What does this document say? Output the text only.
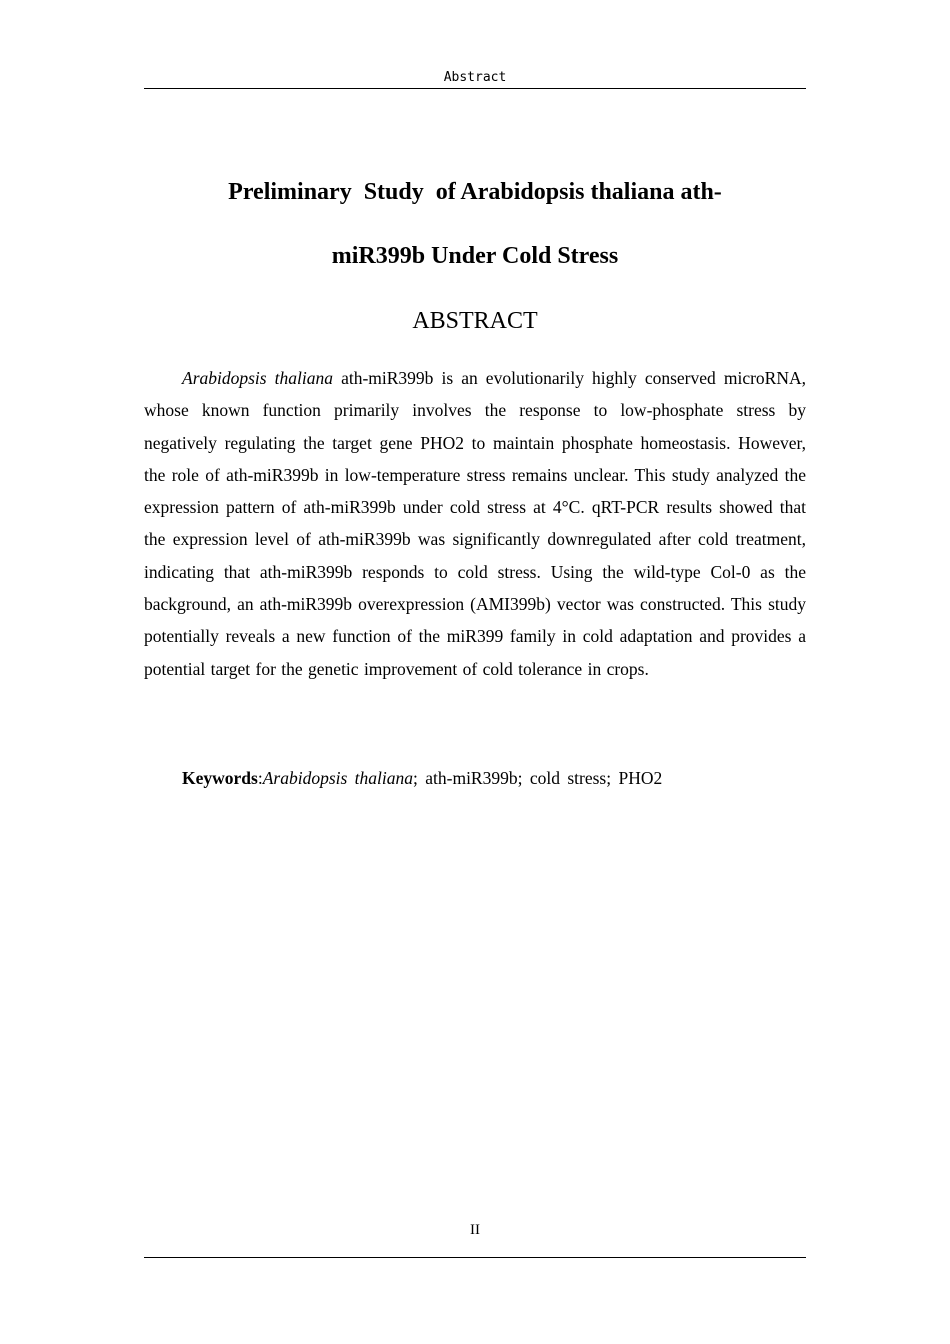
Abstract
Preliminary  Study  of Arabidopsis thaliana ath-
miR399b Under Cold Stress
ABSTRACT

Arabidopsis thaliana ath-miR399b is an evolutionarily highly conserved microRNA, whose known function primarily involves the response to low-phosphate stress by negatively regulating the target gene PHO2 to maintain phosphate homeostasis. However, the role of ath-miR399b in low-temperature stress remains unclear. This study analyzed the expression pattern of ath-miR399b under cold stress at 4°C. qRT-PCR results showed that the expression level of ath-miR399b was significantly downregulated after cold treatment, indicating that ath-miR399b responds to cold stress. Using the wild-type Col-0 as the background, an ath-miR399b overexpression (AMI399b) vector was constructed. This study potentially reveals a new function of the miR399 family in cold adaptation and provides a potential target for the genetic improvement of cold tolerance in crops.

Keywords:Arabidopsis thaliana; ath-miR399b; cold stress; PHO2

II
